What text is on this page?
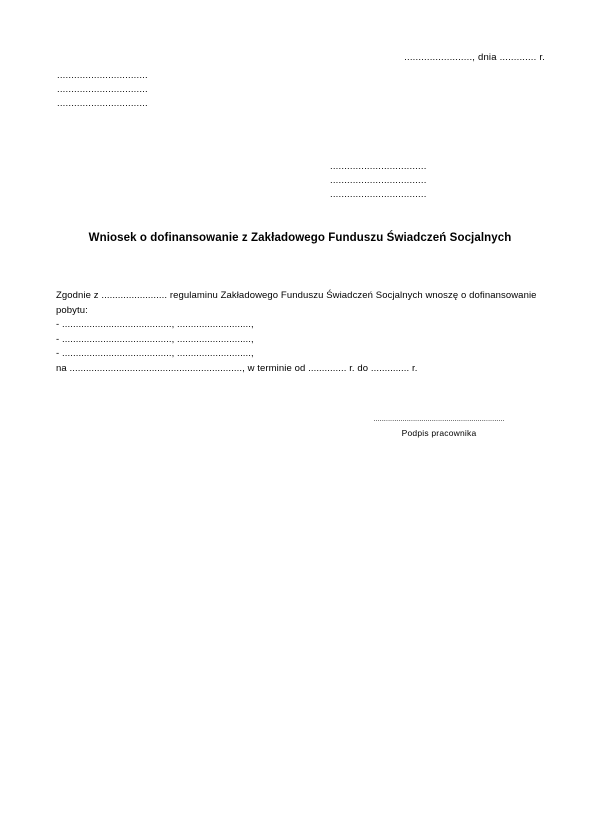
........................, dnia ............. r.
................................
................................
................................
..................................
..................................
..................................
Wniosek o dofinansowanie z Zakładowego Funduszu Świadczeń Socjalnych
Zgodnie z ........................ regulaminu Zakładowego Funduszu Świadczeń Socjalnych wnoszę o dofinansowanie
pobytu:
- ........................................, ...........................,
- ........................................, ...........................,
- ........................................, ...........................,
na ..............................................................., w terminie od .............. r. do .............. r.
...............................................................
Podpis pracownika
